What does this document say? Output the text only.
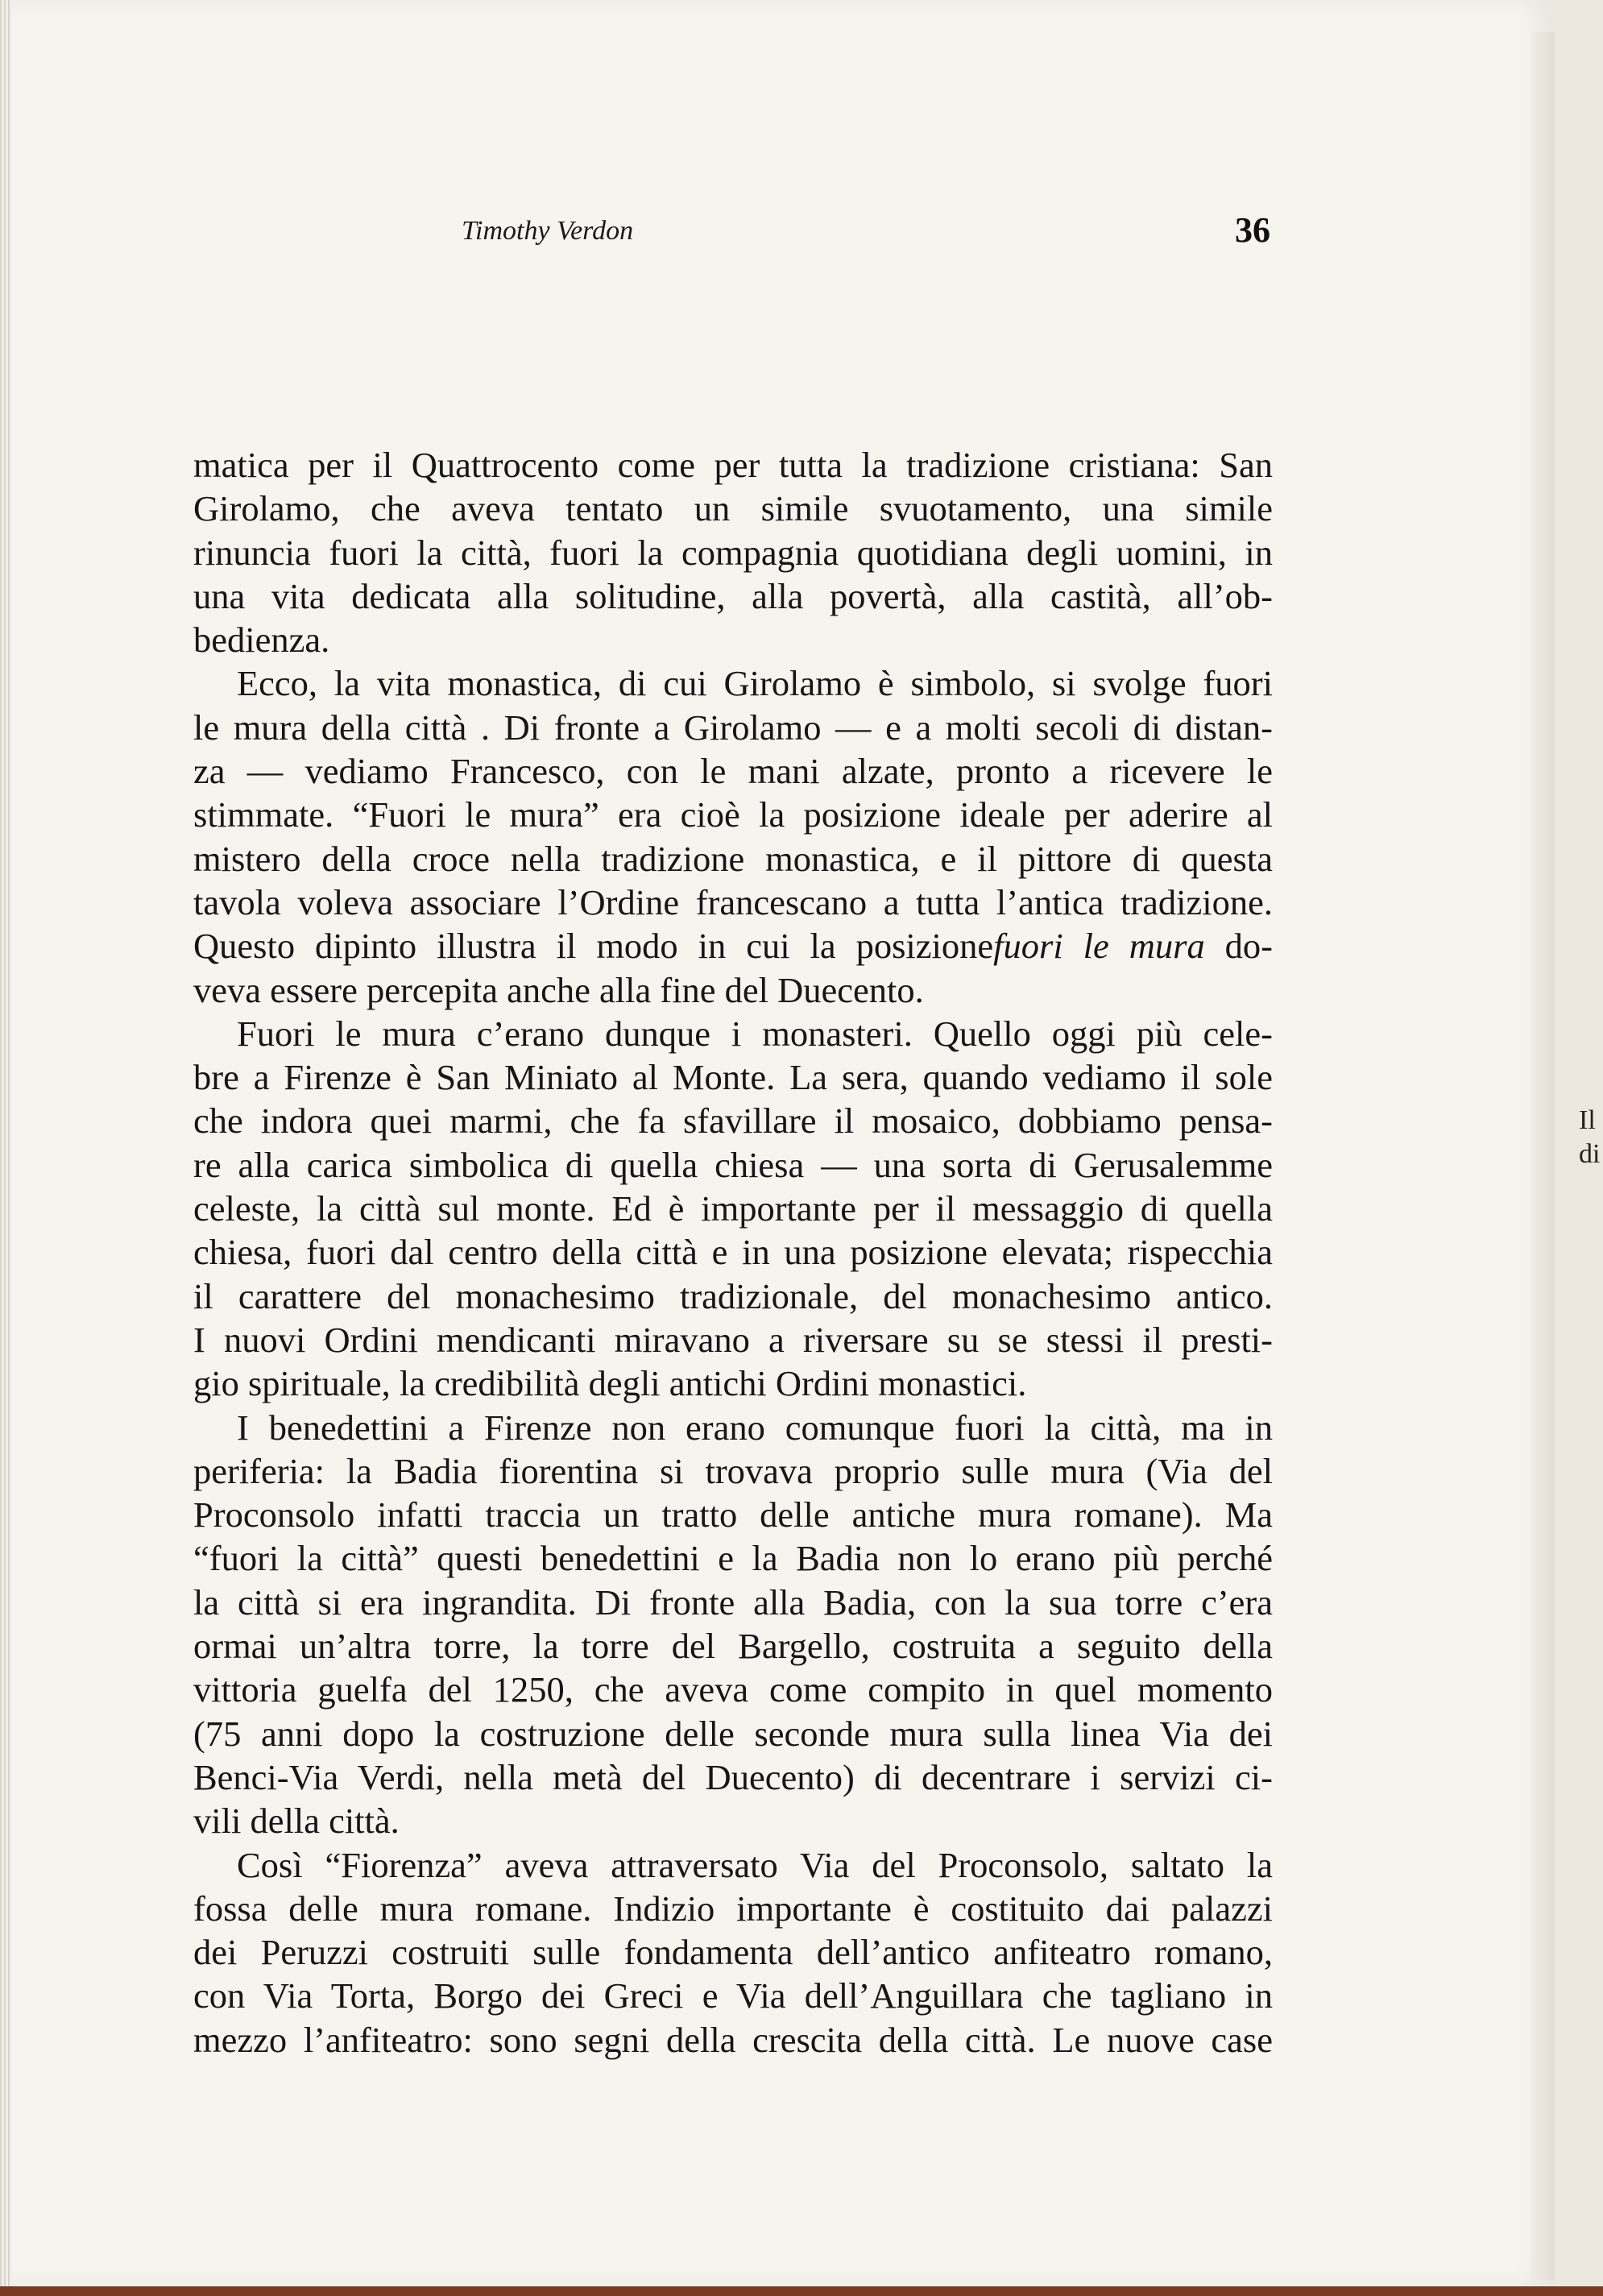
Timothy Verdon	36
matica per il Quattrocento come per tutta la tradizione cristiana: San
Girolamo, che aveva tentato un simile svuotamento, una simile
rinuncia fuori la città, fuori la compagnia quotidiana degli uomini, in
una vita dedicata alla solitudine, alla povertà, alla castità, all’ob-
bedienza.
Ecco, la vita monastica, di cui Girolamo è simbolo, si svolge fuori
le mura della città . Di fronte a Girolamo — e a molti secoli di distan-
za — vediamo Francesco, con le mani alzate, pronto a ricevere le
stimmate. “Fuori le mura” era cioè la posizione ideale per aderire al
mistero della croce nella tradizione monastica, e il pittore di questa
tavola voleva associare l’Ordine francescano a tutta l’antica tradizione.
Questo dipinto illustra il modo in cui la posizionefuori le mura do-
veva essere percepita anche alla fine del Duecento.
Fuori le mura c’erano dunque i monasteri. Quello oggi più cele-
bre a Firenze è San Miniato al Monte. La sera, quando vediamo il sole
che indora quei marmi, che fa sfavillare il mosaico, dobbiamo pensa-
re alla carica simbolica di quella chiesa — una sorta di Gerusalemme
celeste, la città sul monte. Ed è importante per il messaggio di quella
chiesa, fuori dal centro della città e in una posizione elevata; rispecchia
il carattere del monachesimo tradizionale, del monachesimo antico.
I nuovi Ordini mendicanti miravano a riversare su se stessi il presti-
gio spirituale, la credibilità degli antichi Ordini monastici.
I benedettini a Firenze non erano comunque fuori la città, ma in
periferia: la Badia fiorentina si trovava proprio sulle mura (Via del
Proconsolo infatti traccia un tratto delle antiche mura romane). Ma
“fuori la città” questi benedettini e la Badia non lo erano più perché
la città si era ingrandita. Di fronte alla Badia, con la sua torre c’era
ormai un’altra torre, la torre del Bargello, costruita a seguito della
vittoria guelfa del 1250, che aveva come compito in quel momento
(75 anni dopo la costruzione delle seconde mura sulla linea Via dei
Benci-Via Verdi, nella metà del Duecento) di decentrare i servizi ci-
vili della città.
Così “Fiorenza” aveva attraversato Via del Proconsolo, saltato la
fossa delle mura romane. Indizio importante è costituito dai palazzi
dei Peruzzi costruiti sulle fondamenta dell’antico anfiteatro romano,
con Via Torta, Borgo dei Greci e Via dell’Anguillara che tagliano in
mezzo l’anfiteatro: sono segni della crescita della città. Le nuove case
Il
di
